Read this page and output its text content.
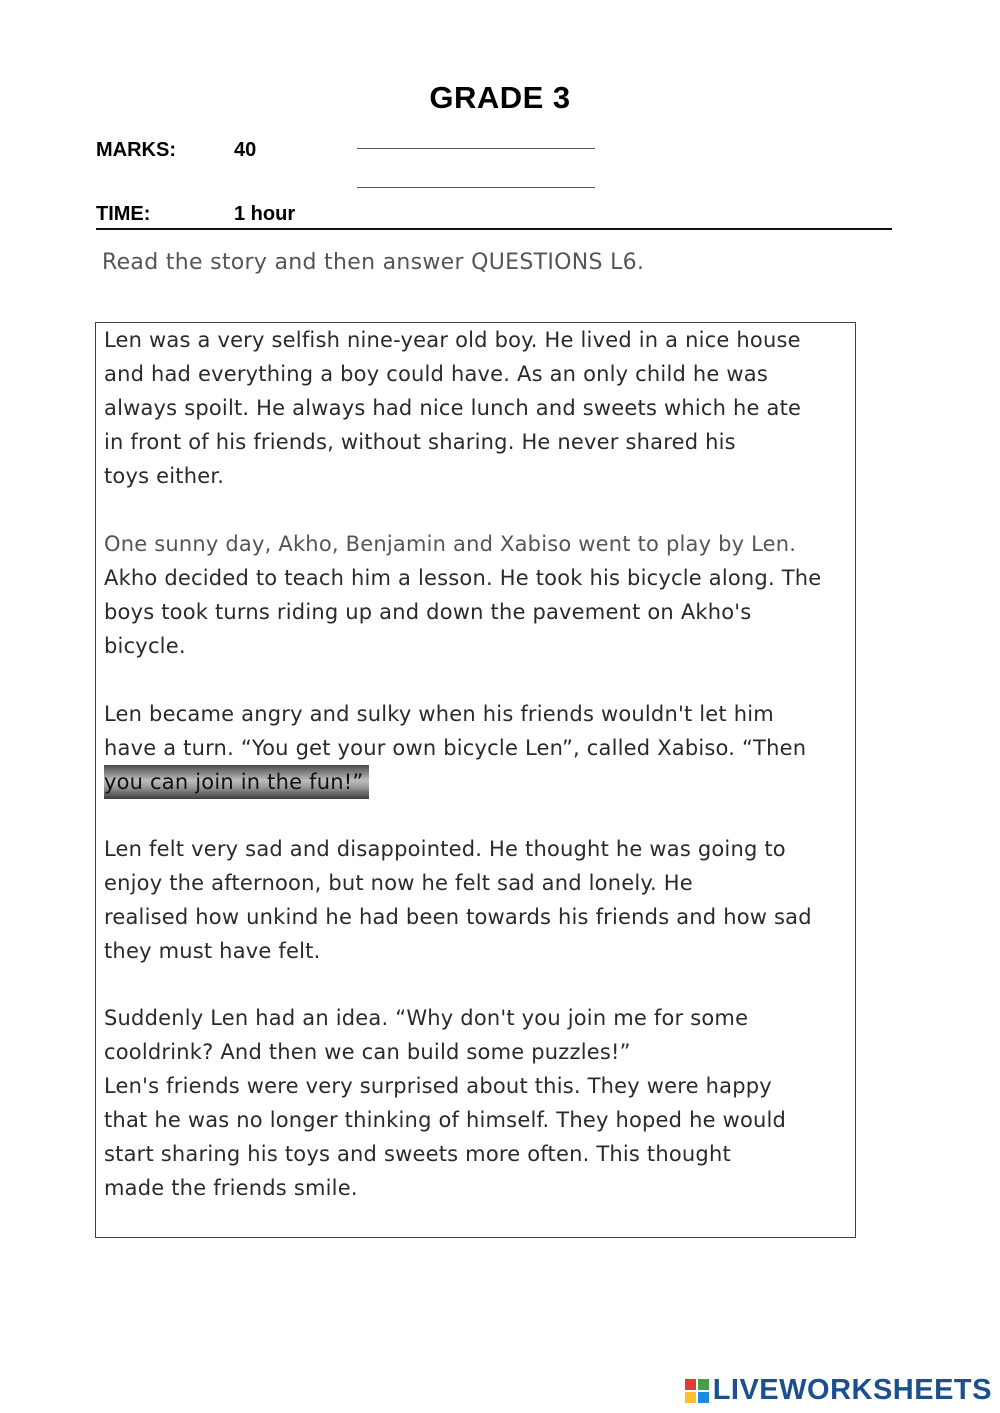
GRADE 3
MARKS:	40
TIME:	1 hour
Read the story and then answer QUESTIONS L6.
Len was a very selfish nine-year old boy. He lived in a nice house
and had everything a boy could have. As an only child he was
always spoilt. He always had nice lunch and sweets which he ate
in front of his friends, without sharing. He never shared his
toys either.
One sunny day, Akho, Benjamin and Xabiso went to play by Len.
Akho decided to teach him a lesson. He took his bicycle along. The
boys took turns riding up and down the pavement on Akho's
bicycle.
Len became angry and sulky when his friends wouldn't let him
have a turn. “You get your own bicycle Len”, called Xabiso. “Then
you can join in the fun!”
Len felt very sad and disappointed. He thought he was going to
enjoy the afternoon, but now he felt sad and lonely. He
realised how unkind he had been towards his friends and how sad
they must have felt.
Suddenly Len had an idea. “Why don't you join me for some
cooldrink? And then we can build some puzzles!”
Len's friends were very surprised about this. They were happy
that he was no longer thinking of himself. They hoped he would
start sharing his toys and sweets more often. This thought
made the friends smile.
LIVEWORKSHEETS
